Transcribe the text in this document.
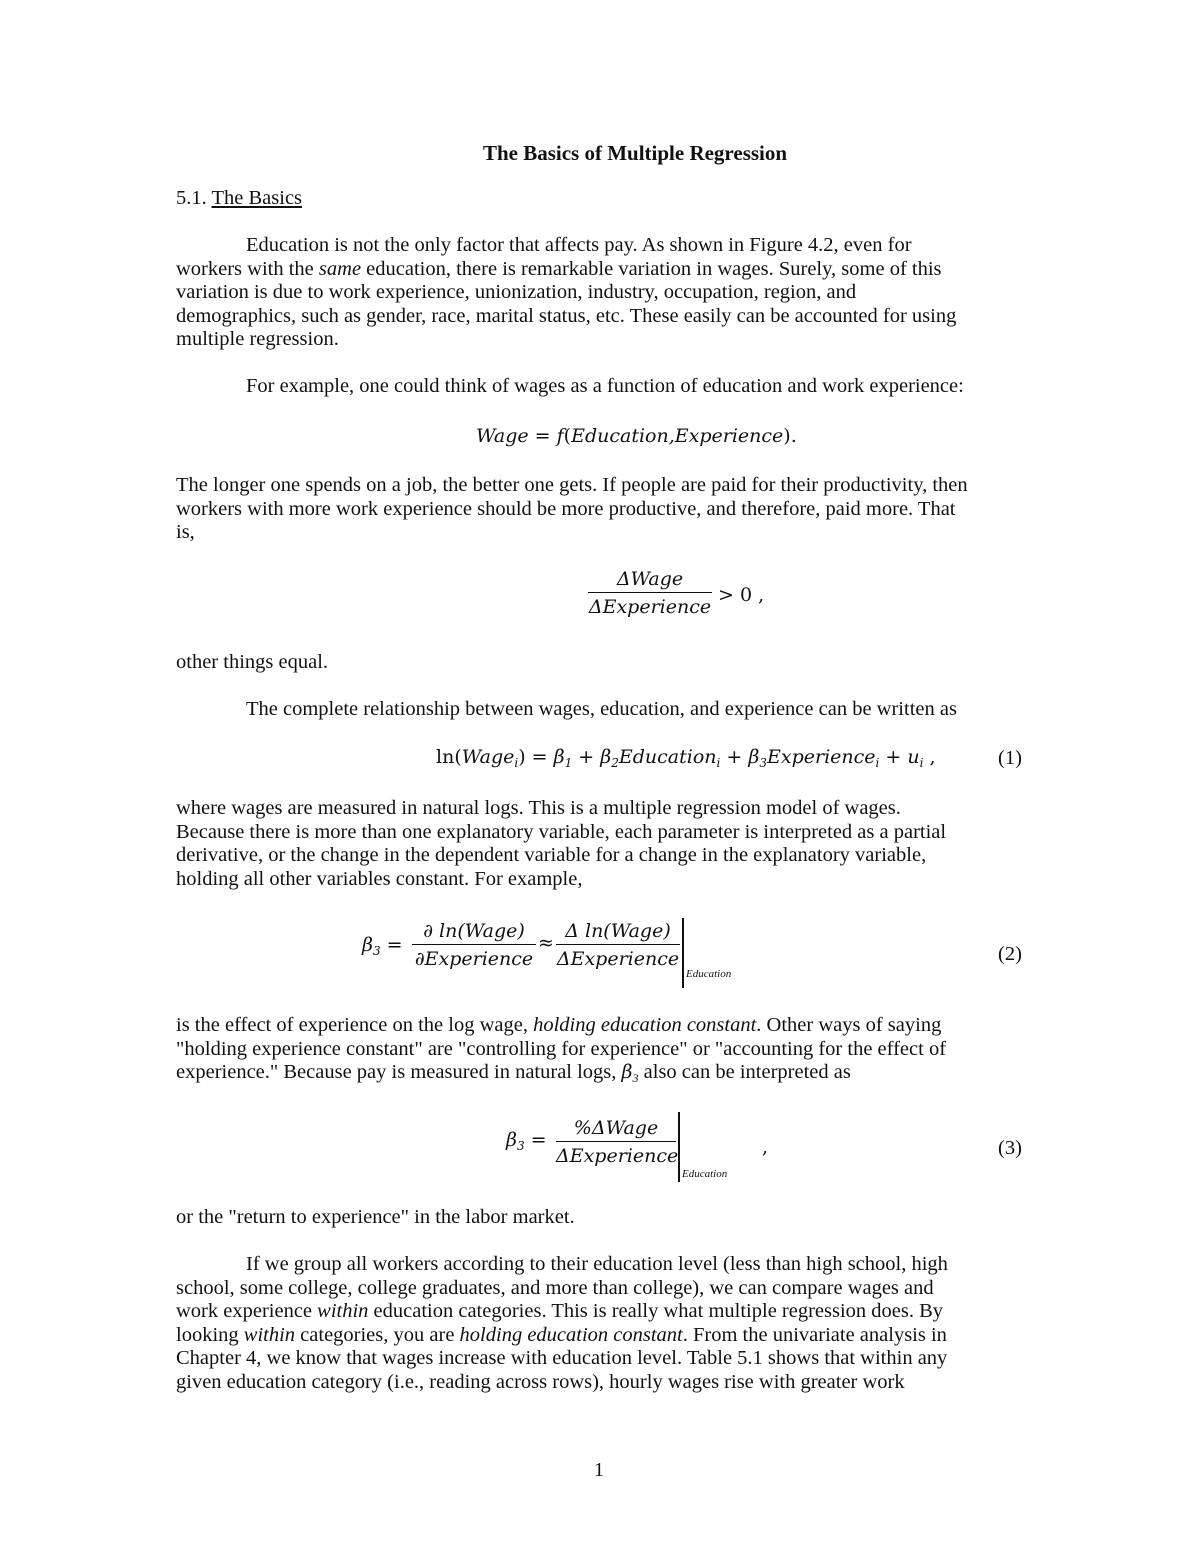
The Basics of Multiple Regression
5.1. The Basics
Education is not the only factor that affects pay. As shown in Figure 4.2, even for
workers with the same education, there is remarkable variation in wages. Surely, some of this
variation is due to work experience, unionization, industry, occupation, region, and
demographics, such as gender, race, marital status, etc. These easily can be accounted for using
multiple regression.
For example, one could think of wages as a function of education and work experience:
Wage = f(Education,Experience).
The longer one spends on a job, the better one gets. If people are paid for their productivity, then
workers with more work experience should be more productive, and therefore, paid more. That
is,
ΔWage
ΔExperience
> 0 ,
other things equal.
The complete relationship between wages, education, and experience can be written as
ln(Wage$_i$) = $\beta_1$ + $\beta_2Education_i$ + $\beta_3Experience_i + u_i$ ,	(1)
where wages are measured in natural logs. This is a multiple regression model of wages.
Because there is more than one explanatory variable, each parameter is interpreted as a partial
derivative, or the change in the dependent variable for a change in the explanatory variable,
holding all other variables constant. For example,
$\beta_3$ =
∂ ln(Wage)
∂Experience
≈
Δ ln(Wage)
ΔExperience
Education
(2)
is the effect of experience on the log wage, holding education constant. Other ways of saying
"holding experience constant" are "controlling for experience" or "accounting for the effect of
experience." Because pay is measured in natural logs, $\beta_3$ also can be interpreted as
$\beta_3$ =
%ΔWage
ΔExperience
Education
,	(3)
or the "return to experience" in the labor market.
If we group all workers according to their education level (less than high school, high
school, some college, college graduates, and more than college), we can compare wages and
work experience within education categories. This is really what multiple regression does. By
looking within categories, you are holding education constant. From the univariate analysis in
Chapter 4, we know that wages increase with education level. Table 5.1 shows that within any
given education category (i.e., reading across rows), hourly wages rise with greater work
1
